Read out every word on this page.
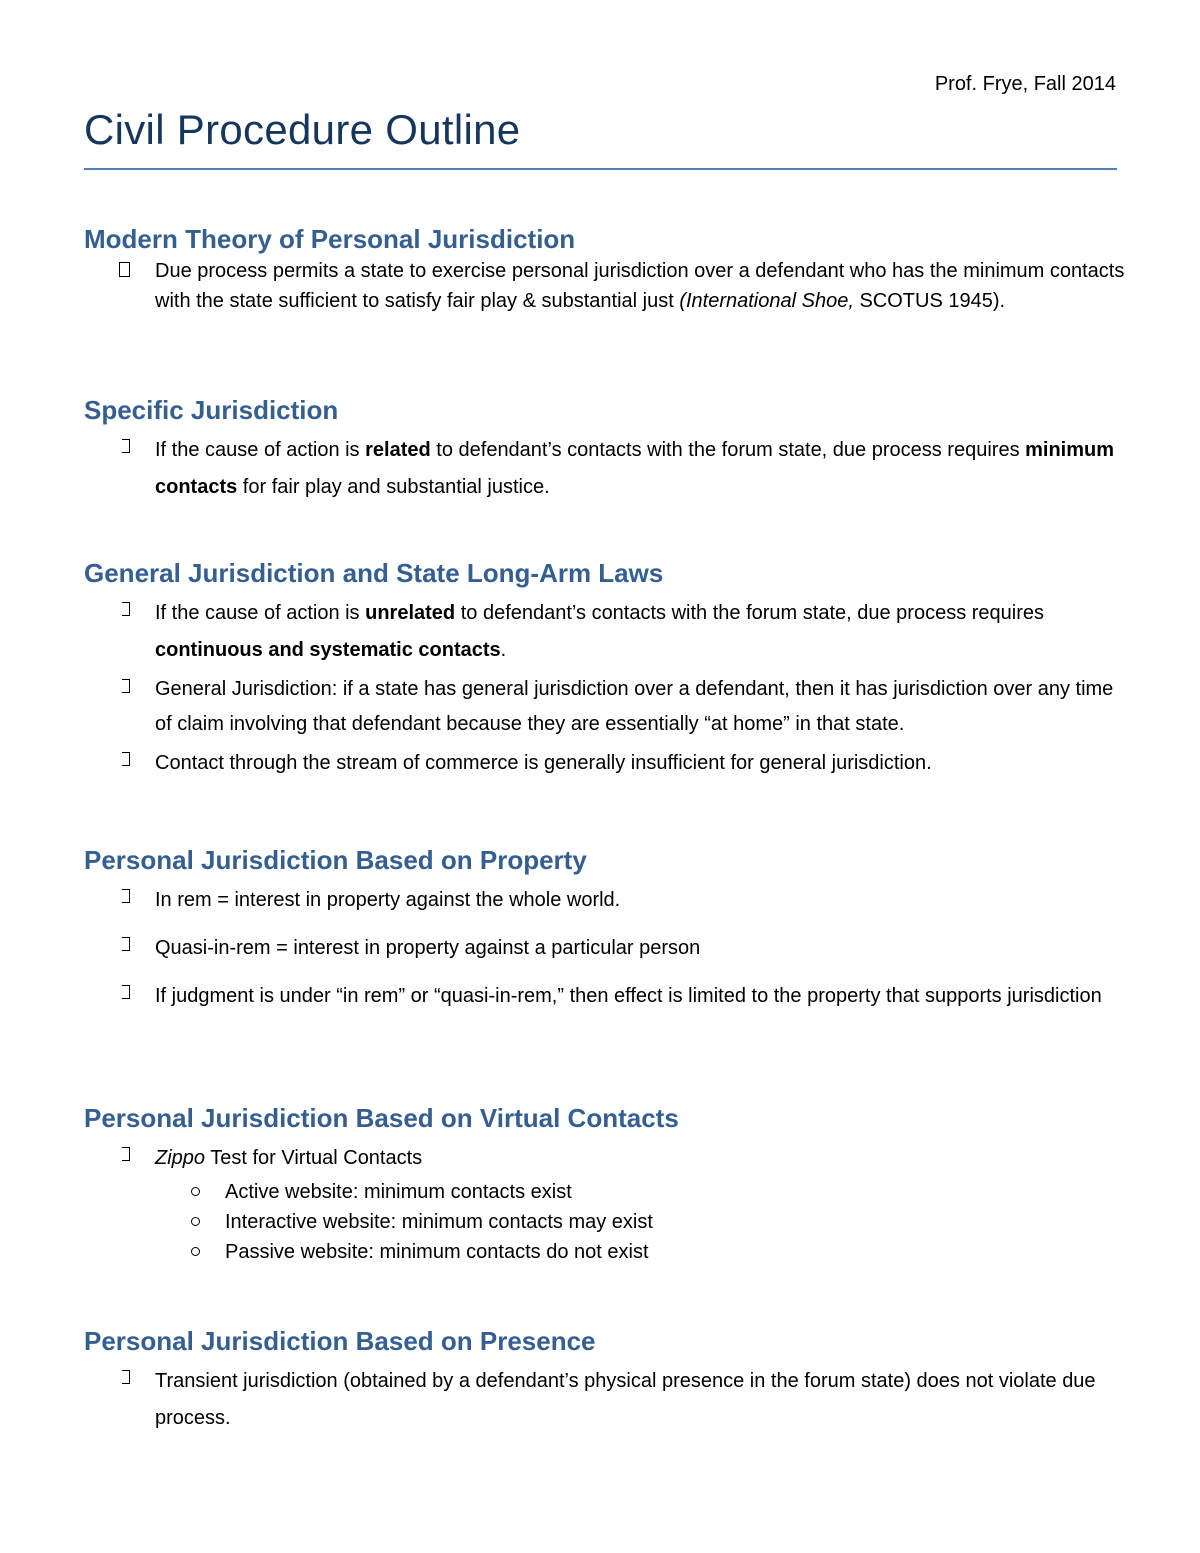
Prof. Frye, Fall 2014
Civil Procedure Outline
Modern Theory of Personal Jurisdiction
Due process permits a state to exercise personal jurisdiction over a defendant who has the minimum contacts with the state sufficient to satisfy fair play & substantial just (International Shoe, SCOTUS 1945).
Specific Jurisdiction
If the cause of action is related to defendant’s contacts with the forum state, due process requires minimum contacts for fair play and substantial justice.
General Jurisdiction and State Long-Arm Laws
If the cause of action is unrelated to defendant’s contacts with the forum state, due process requires continuous and systematic contacts.
General Jurisdiction: if a state has general jurisdiction over a defendant, then it has jurisdiction over any time of claim involving that defendant because they are essentially “at home” in that state.
Contact through the stream of commerce is generally insufficient for general jurisdiction.
Personal Jurisdiction Based on Property
In rem = interest in property against the whole world.
Quasi-in-rem = interest in property against a particular person
If judgment is under “in rem” or “quasi-in-rem,” then effect is limited to the property that supports jurisdiction
Personal Jurisdiction Based on Virtual Contacts
Zippo Test for Virtual Contacts
Active website: minimum contacts exist
Interactive website: minimum contacts may exist
Passive website: minimum contacts do not exist
Personal Jurisdiction Based on Presence
Transient jurisdiction (obtained by a defendant’s physical presence in the forum state) does not violate due process.
